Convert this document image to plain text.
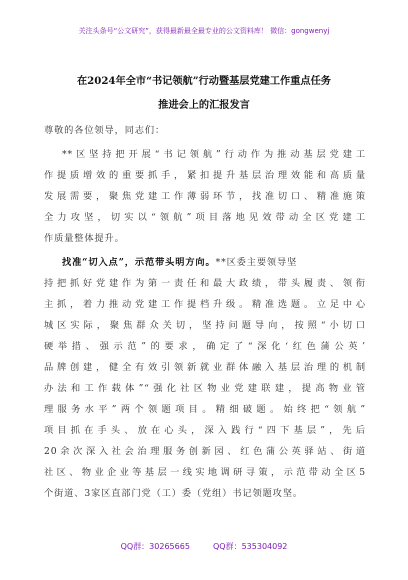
关注头条号“公文研究”，获得最新最全最专业的公文资料库！ 微信：gongwenyj
在2024年全市“书记领航”行动暨基层党建工作重点任务
推进会上的汇报发言
尊敬的各位领导，同志们：
**区坚持把开展“书记领航”行动作为推动基层党建工
作提质增效的重要抓手，紧扣提升基层治理效能和高质量
发展需要，聚焦党建工作薄弱环节，找准切口、精准施策
全力攻坚，切实以“领航”项目落地见效带动全区党建工
作质量整体提升。
找准“切入点”，示范带头明方向。**区委主要领导坚
持把抓好党建作为第一责任和最大政绩，带头履责、领衔
主抓，着力推动党建工作提档升级。精准选题。立足中心
城区实际，聚焦群众关切，坚持问题导向，按照“小切口
硬举措、强示范”的要求，确定了“深化‘红色蒲公英’
品牌创建，健全有效引领新就业群体融入基层治理的机制
办法和工作载体”“强化社区物业党建联建，提高物业管
理服务水平”两个领题项目。精细破题。始终把“领航”
项目抓在手头、放在心头，深入践行“四下基层”，先后
20余次深入社会治理服务创新园、红色蒲公英驿站、街道
社区、物业企业等基层一线实地调研寻策，示范带动全区5
个街道、3家区直部门党（工）委（党组）书记领题攻坚。
QQ群：30265665	QQ群：535304092
